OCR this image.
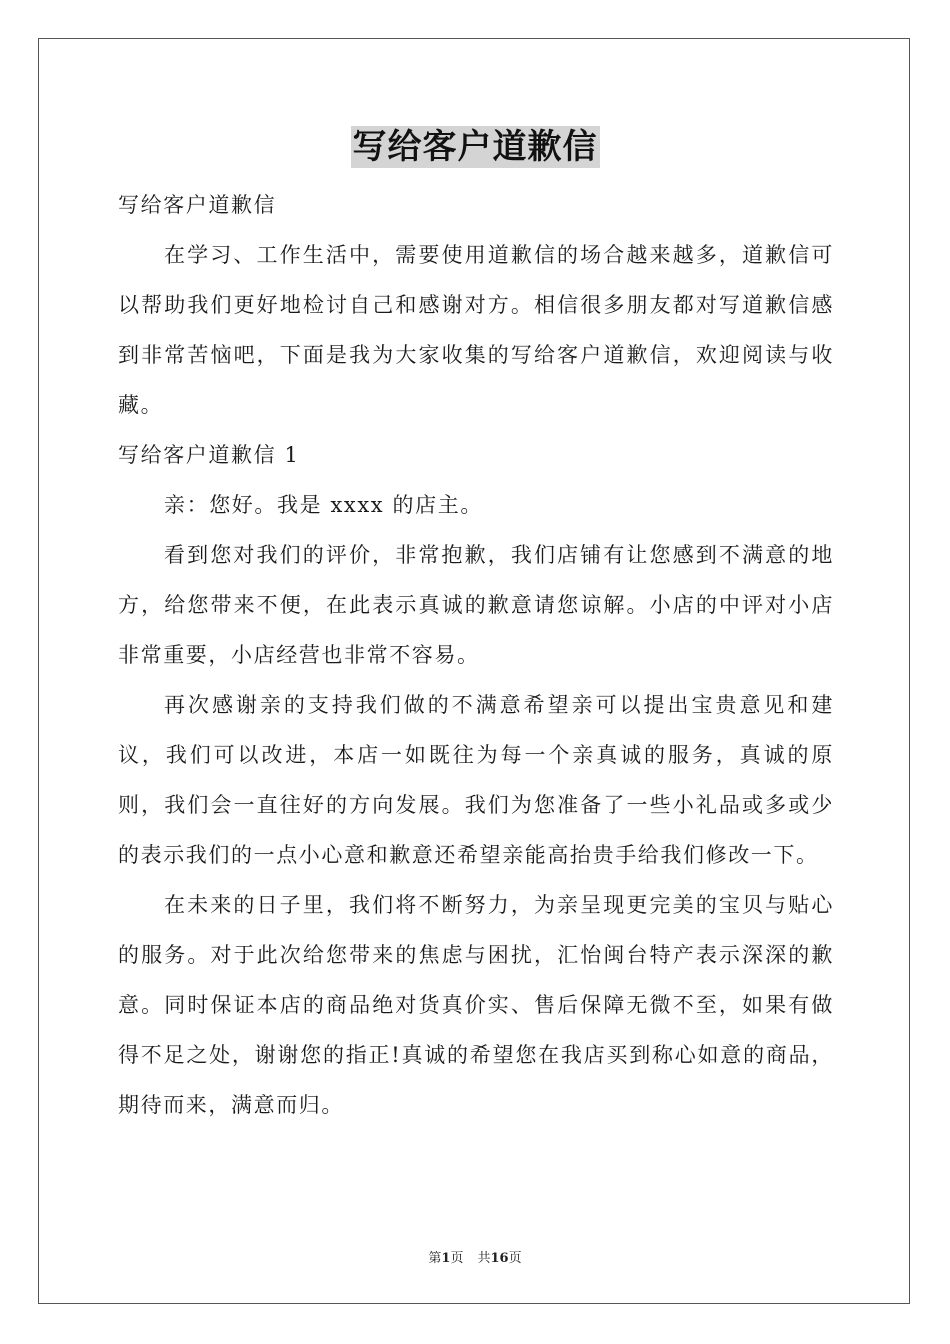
写给客户道歉信

写给客户道歉信

在学习、工作生活中，需要使用道歉信的场合越来越多，道歉信可以帮助我们更好地检讨自己和感谢对方。相信很多朋友都对写道歉信感到非常苦恼吧，下面是我为大家收集的写给客户道歉信，欢迎阅读与收藏。

写给客户道歉信 1

亲：您好。我是 xxxx 的店主。

看到您对我们的评价，非常抱歉，我们店铺有让您感到不满意的地方，给您带来不便，在此表示真诚的歉意请您谅解。小店的中评对小店非常重要，小店经营也非常不容易。

再次感谢亲的支持我们做的不满意希望亲可以提出宝贵意见和建议，我们可以改进，本店一如既往为每一个亲真诚的服务，真诚的原则，我们会一直往好的方向发展。我们为您准备了一些小礼品或多或少的表示我们的一点小心意和歉意还希望亲能高抬贵手给我们修改一下。

在未来的日子里，我们将不断努力，为亲呈现更完美的宝贝与贴心的服务。对于此次给您带来的焦虑与困扰，汇怡闽台特产表示深深的歉意。同时保证本店的商品绝对货真价实、售后保障无微不至，如果有做得不足之处，谢谢您的指正!真诚的希望您在我店买到称心如意的商品，期待而来，满意而归。

第1页 共16页
